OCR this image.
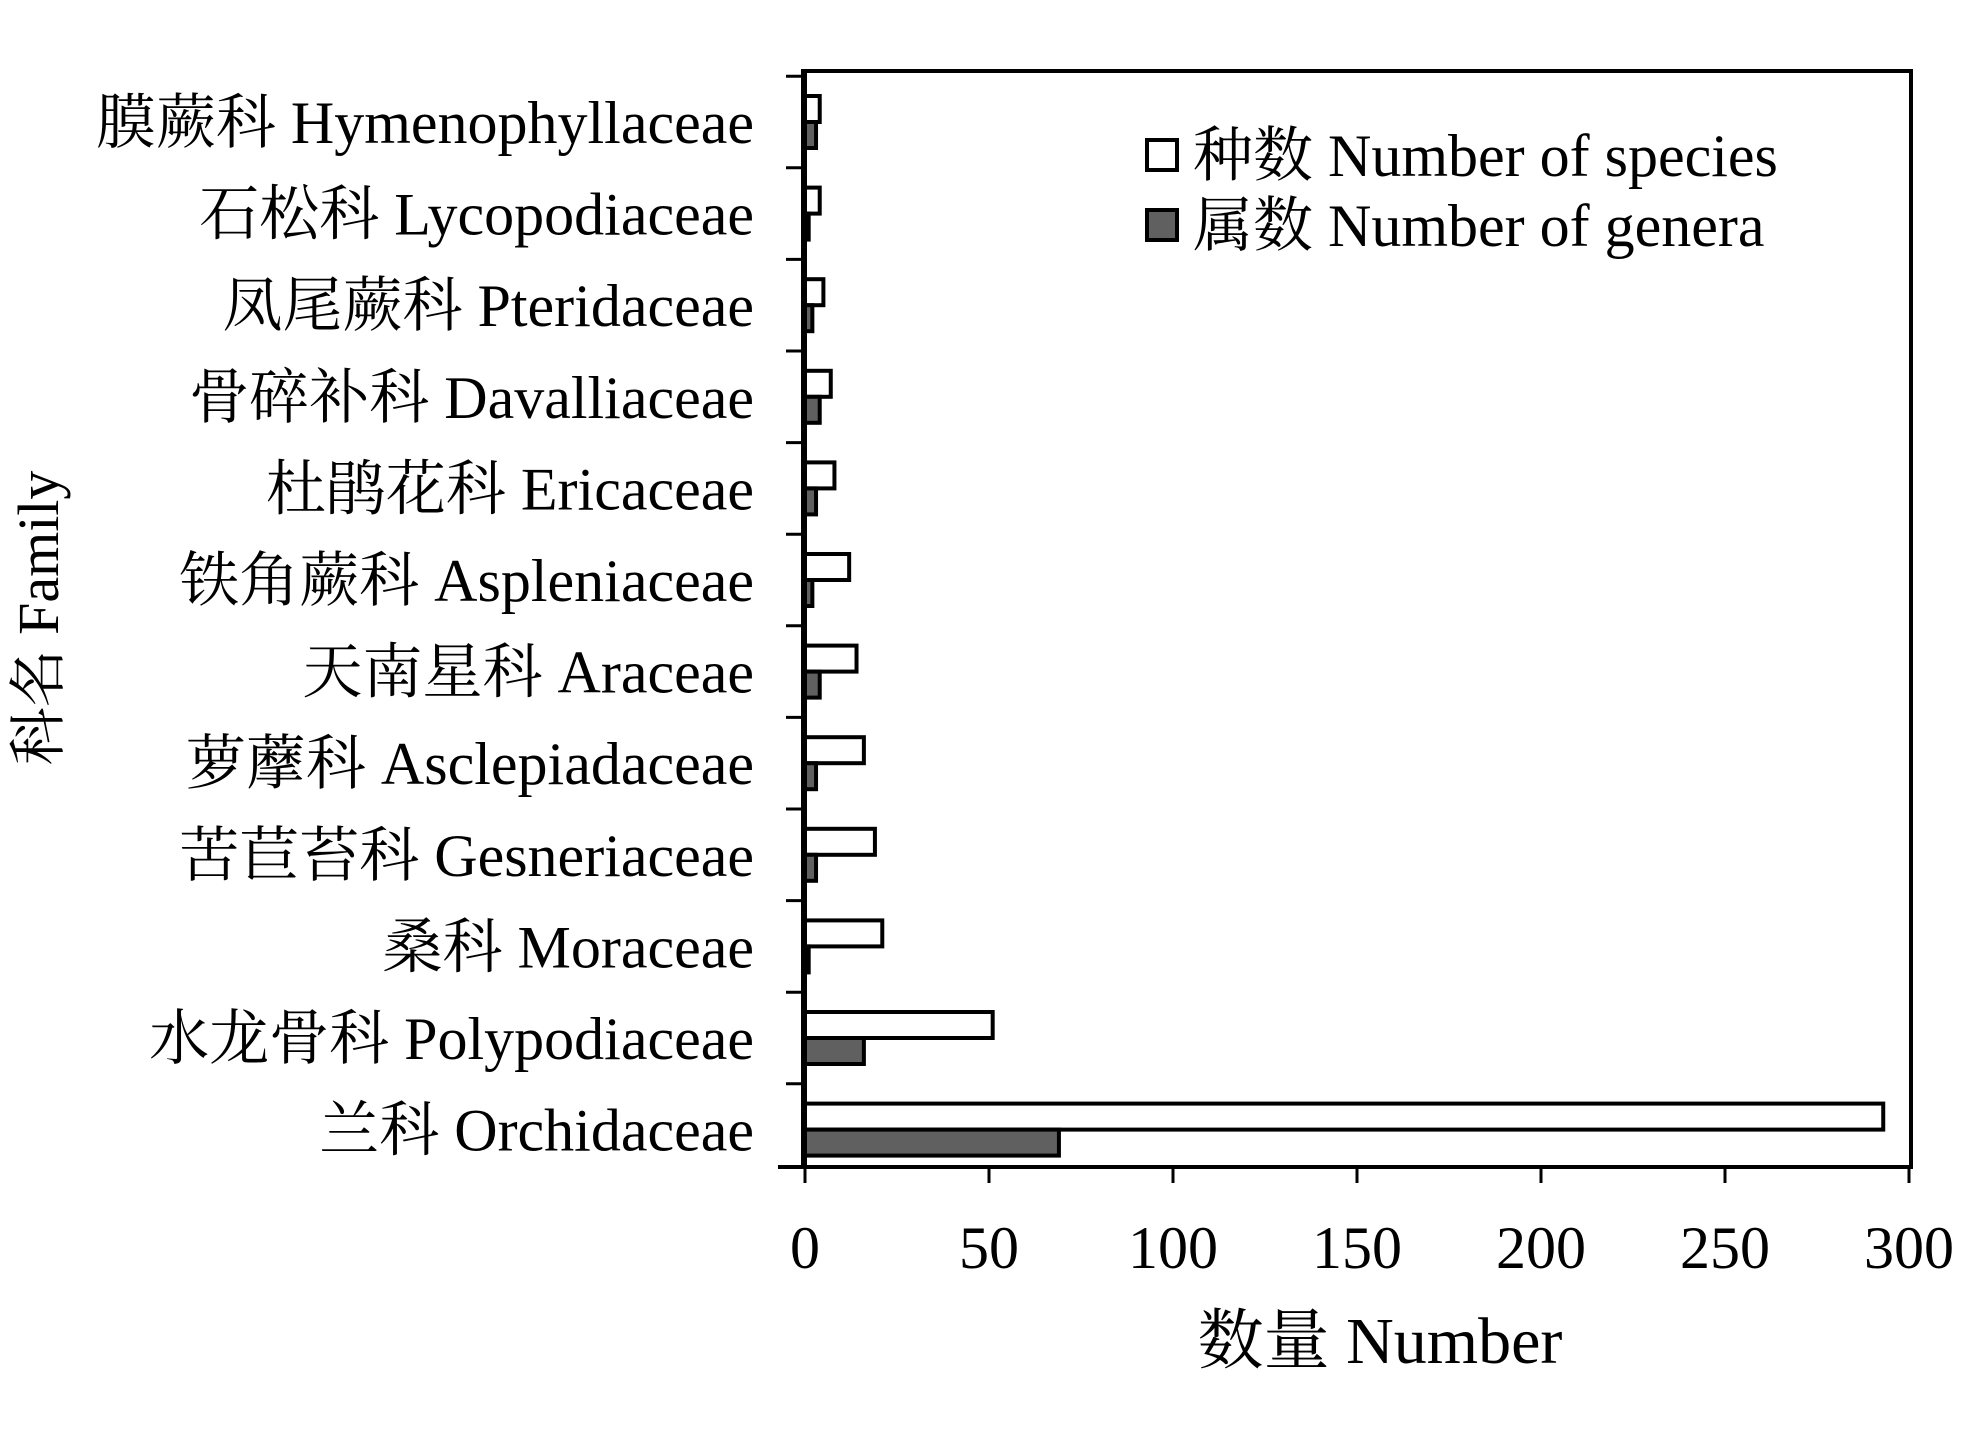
0 50 100 150 200 250 300
膜蕨科 Hymenophyllaceae
石松科 Lycopodiaceae
凤尾蕨科 Pteridaceae
骨碎补科 Davalliaceae
杜鹃花科 Ericaceae
铁角蕨科 Aspleniaceae
天南星科 Araceae
萝藦科 Asclepiadaceae
苦苣苔科 Gesneriaceae
桑科 Moraceae
水龙骨科 Polypodiaceae
兰科 Orchidaceae
数量 Number
科名 Family
种数 Number of species
属数 Number of genera
